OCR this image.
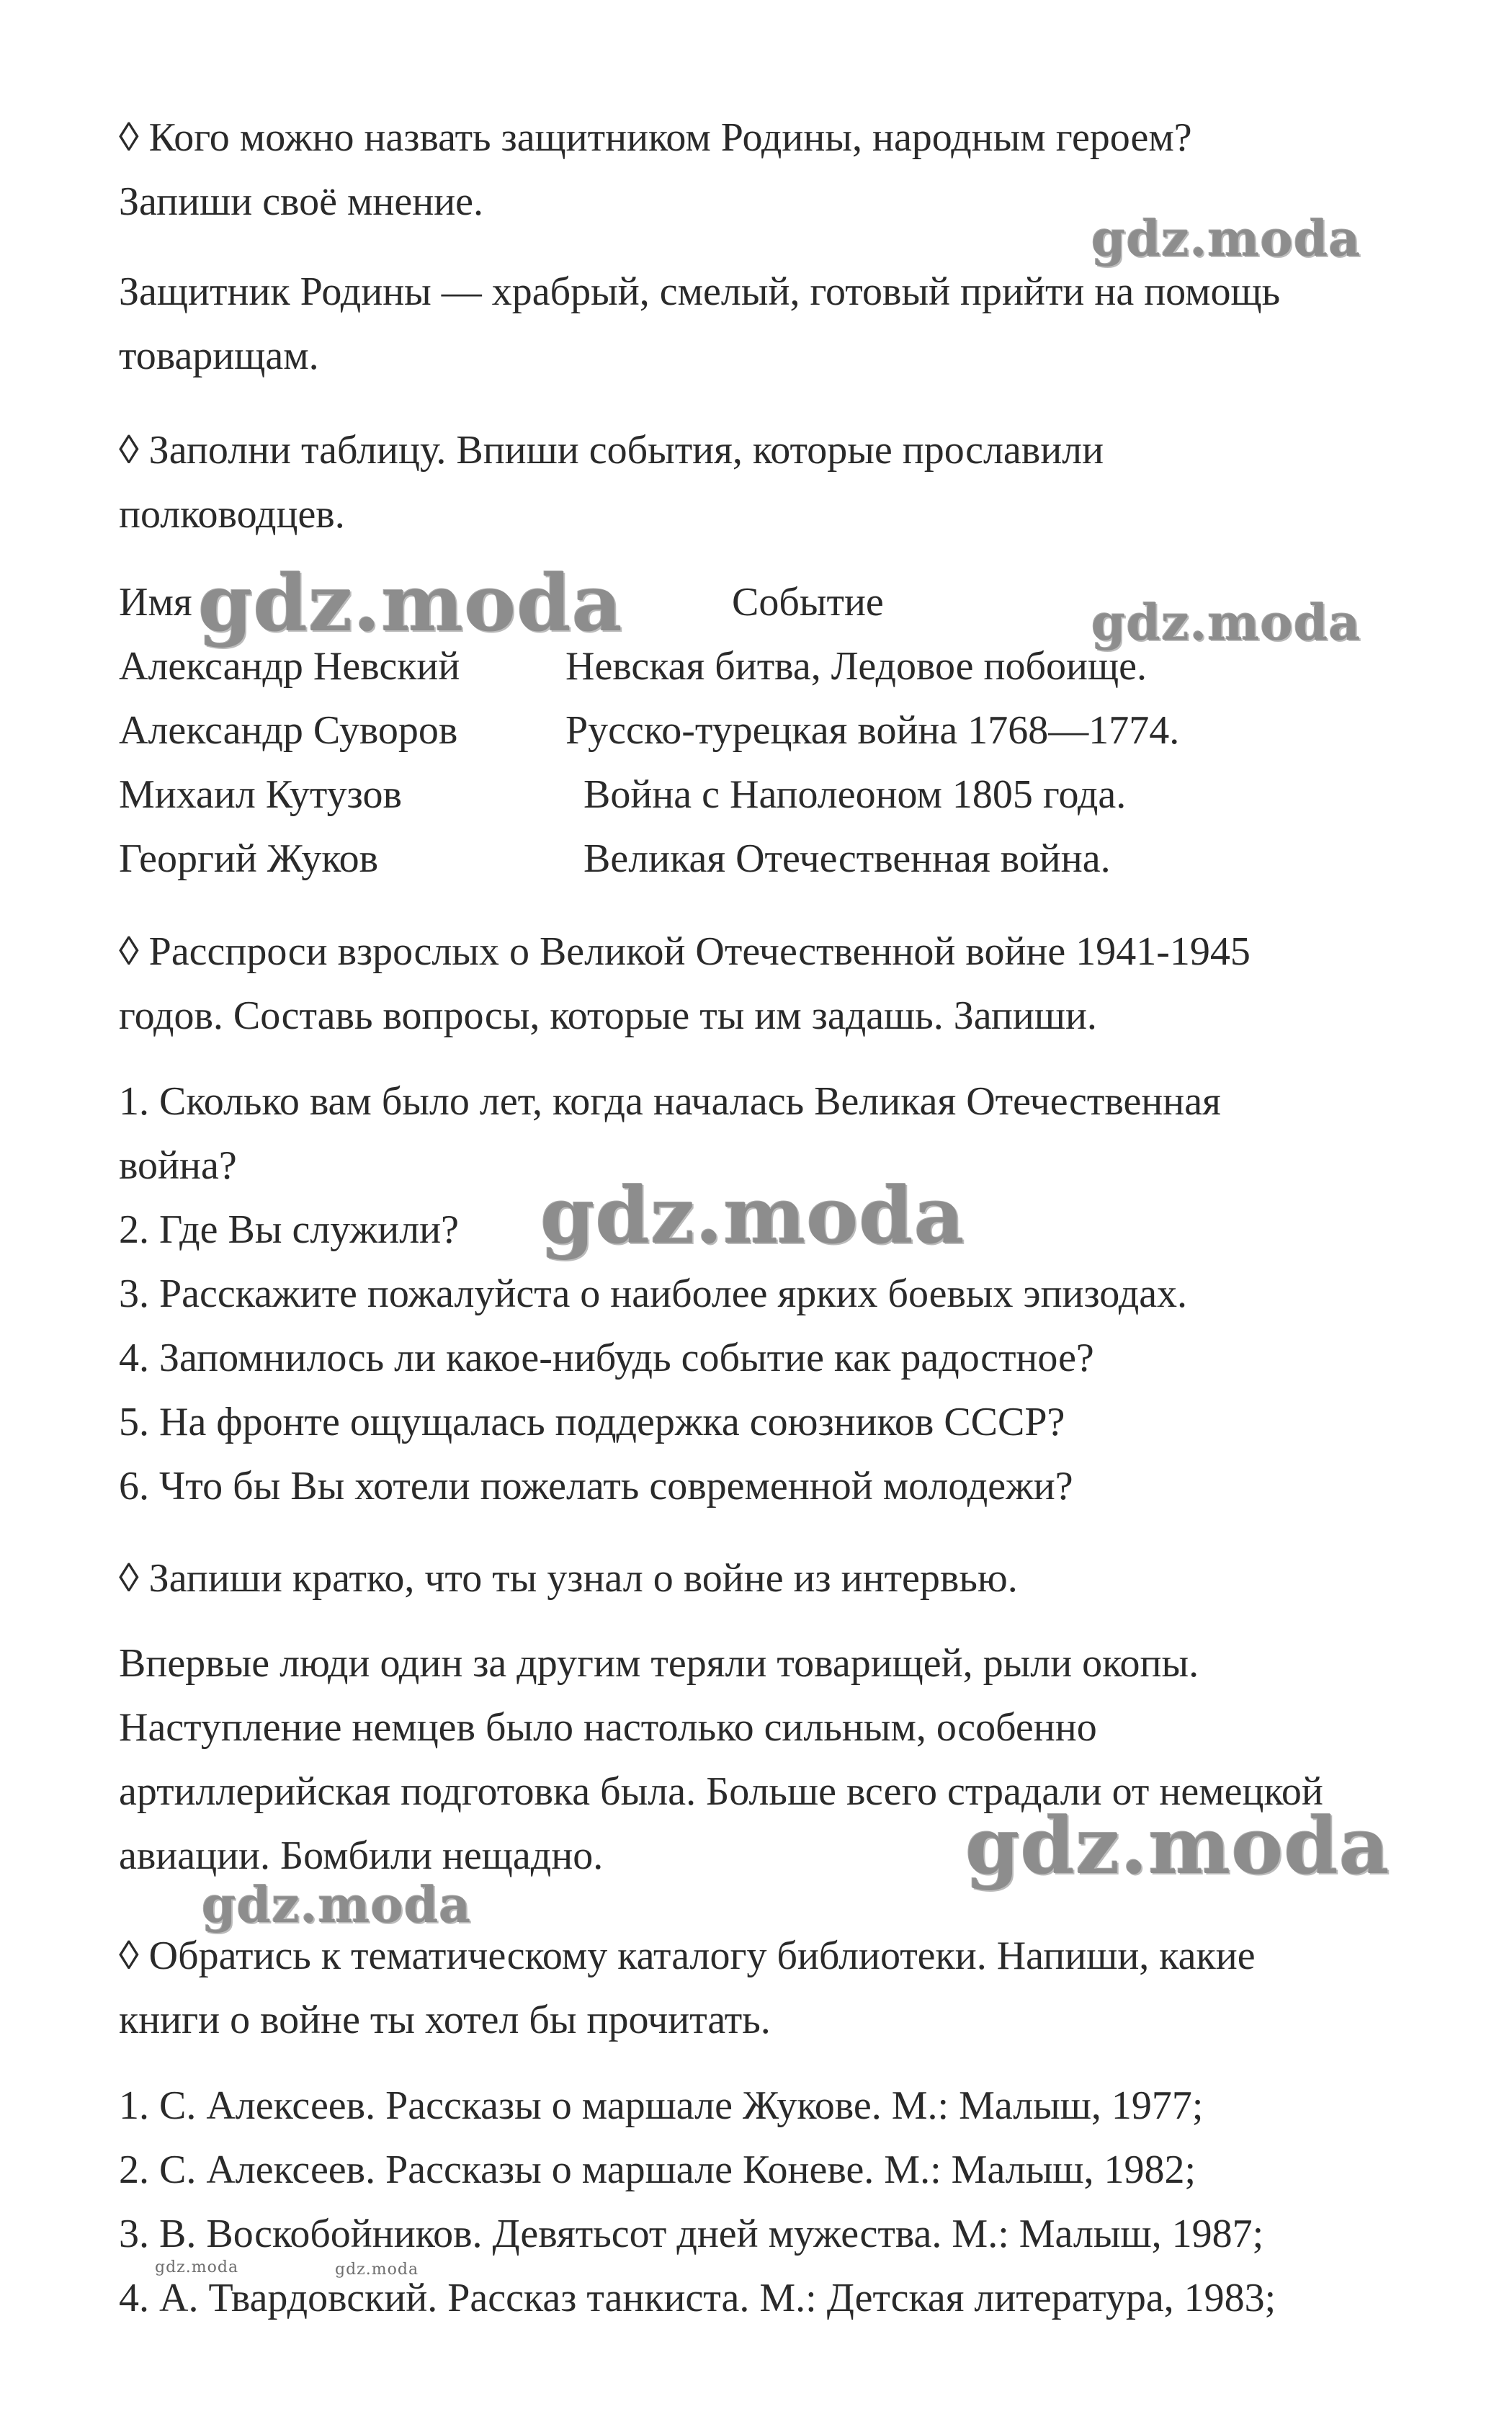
◊ Кого можно назвать защитником Родины, народным героем?
Запиши своё мнение.
Защитник Родины — храбрый, смелый, готовый прийти на помощь
товарищам.
◊ Заполни таблицу. Впиши события, которые прославили
полководцев.
Имя	Событие
Александр Невский	Невская битва, Ледовое побоище.
Александр Суворов	Русско-турецкая война 1768—1774.
Михаил Кутузов	Война с Наполеоном 1805 года.
Георгий Жуков	Великая Отечественная война.
◊ Расспроси взрослых о Великой Отечественной войне 1941-1945
годов. Составь вопросы, которые ты им задашь. Запиши.
1. Сколько вам было лет, когда началась Великая Отечественная
война?
2. Где Вы служили?
3. Расскажите пожалуйста о наиболее ярких боевых эпизодах.
4. Запомнилось ли какое-нибудь событие как радостное?
5. На фронте ощущалась поддержка союзников СССР?
6. Что бы Вы хотели пожелать современной молодежи?
◊ Запиши кратко, что ты узнал о войне из интервью.
Впервые люди один за другим теряли товарищей, рыли окопы.
Наступление немцев было настолько сильным, особенно
артиллерийская подготовка была. Больше всего страдали от немецкой
авиации. Бомбили нещадно.
◊ Обратись к тематическому каталогу библиотеки. Напиши, какие
книги о войне ты хотел бы прочитать.
1. С. Алексеев. Рассказы о маршале Жукове. М.: Малыш, 1977;
2. С. Алексеев. Рассказы о маршале Коневе. М.: Малыш, 1982;
3. В. Воскобойников. Девятьсот дней мужества. М.: Малыш, 1987;
4. А. Твардовский. Рассказ танкиста. М.: Детская литература, 1983;
gdz.moda
gdz.moda	gdz.moda
gdz.moda
gdz.moda
gdz.moda
gdz.moda	gdz.moda
